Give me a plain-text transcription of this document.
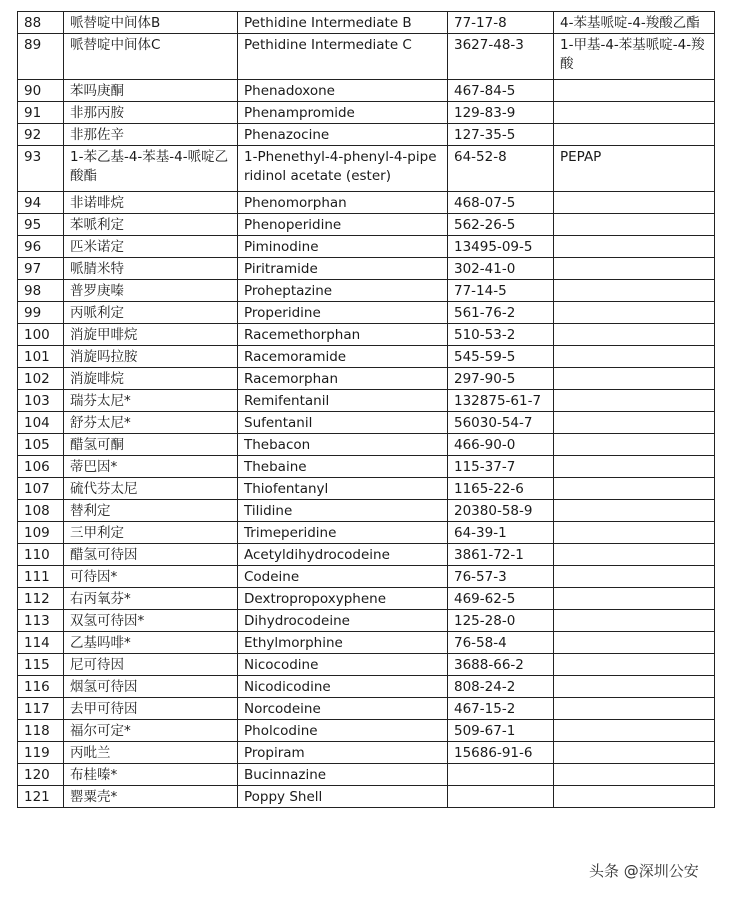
88	哌替啶中间体B	Pethidine Intermediate B	77-17-8	4-苯基哌啶-4-羧酸乙酯
89	哌替啶中间体C	Pethidine Intermediate C	3627-48-3	1-甲基-4-苯基哌啶-4-羧酸
90	苯吗庚酮	Phenadoxone	467-84-5	
91	非那丙胺	Phenampromide	129-83-9	
92	非那佐辛	Phenazocine	127-35-5	
93	1-苯乙基-4-苯基-4-哌啶乙酸酯	1-Phenethyl-4-phenyl-4-piperidinol acetate (ester)	64-52-8	PEPAP
94	非诺啡烷	Phenomorphan	468-07-5	
95	苯哌利定	Phenoperidine	562-26-5	
96	匹米诺定	Piminodine	13495-09-5	
97	哌腈米特	Piritramide	302-41-0	
98	普罗庚嗪	Proheptazine	77-14-5	
99	丙哌利定	Properidine	561-76-2	
100	消旋甲啡烷	Racemethorphan	510-53-2	
101	消旋吗拉胺	Racemoramide	545-59-5	
102	消旋啡烷	Racemorphan	297-90-5	
103	瑞芬太尼*	Remifentanil	132875-61-7	
104	舒芬太尼*	Sufentanil	56030-54-7	
105	醋氢可酮	Thebacon	466-90-0	
106	蒂巴因*	Thebaine	115-37-7	
107	硫代芬太尼	Thiofentanyl	1165-22-6	
108	替利定	Tilidine	20380-58-9	
109	三甲利定	Trimeperidine	64-39-1	
110	醋氢可待因	Acetyldihydrocodeine	3861-72-1	
111	可待因*	Codeine	76-57-3	
112	右丙氧芬*	Dextropropoxyphene	469-62-5	
113	双氢可待因*	Dihydrocodeine	125-28-0	
114	乙基吗啡*	Ethylmorphine	76-58-4	
115	尼可待因	Nicocodine	3688-66-2	
116	烟氢可待因	Nicodicodine	808-24-2	
117	去甲可待因	Norcodeine	467-15-2	
118	福尔可定*	Pholcodine	509-67-1	
119	丙吡兰	Propiram	15686-91-6	
120	布桂嗪*	Bucinnazine		
121	罂粟壳*	Poppy Shell		
头条 @深圳公安
